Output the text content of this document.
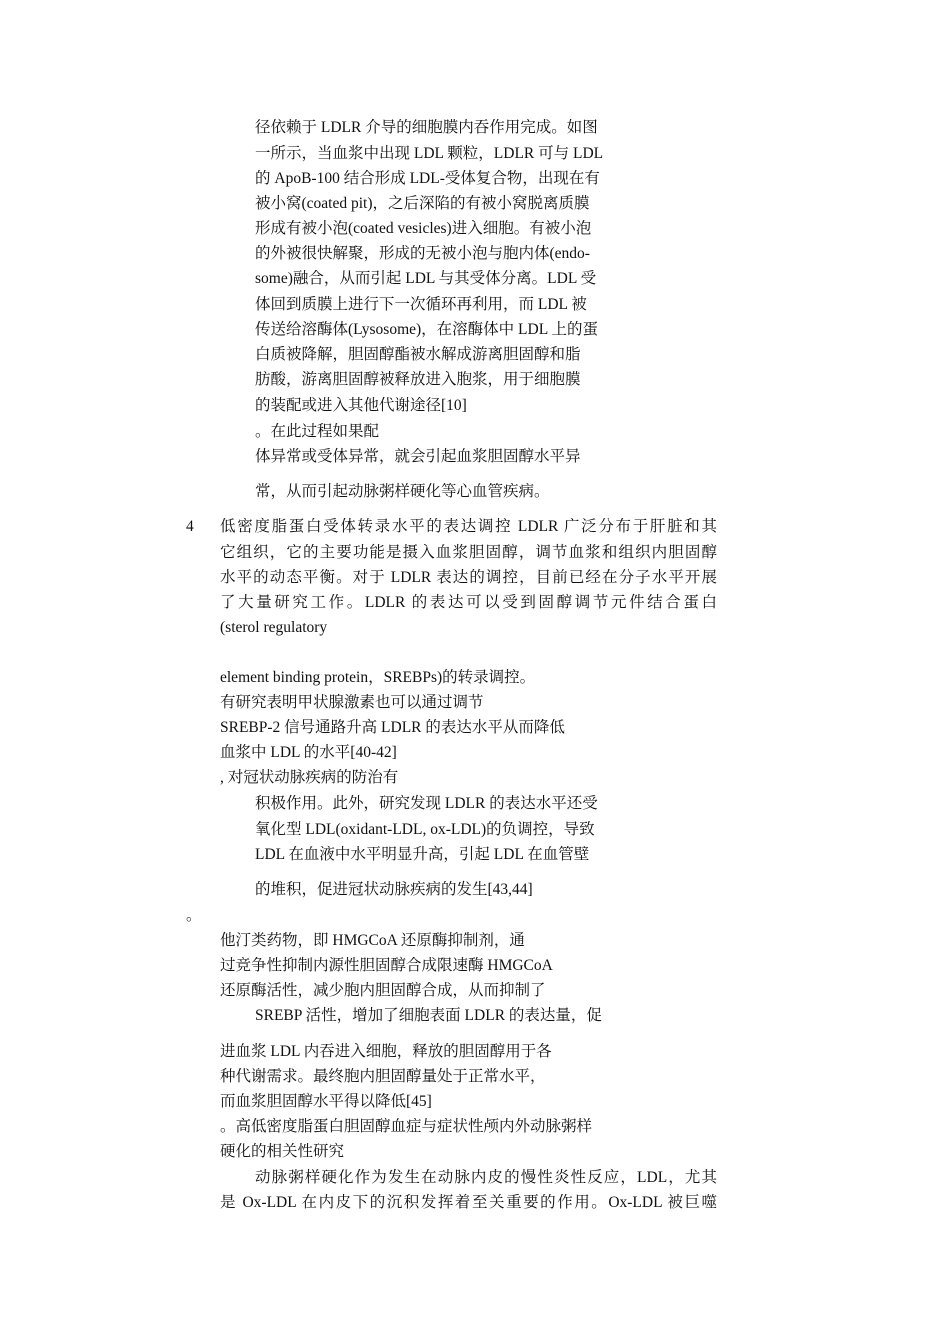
径依赖于 LDLR 介导的细胞膜内吞作用完成。如图
一所示，当血浆中出现 LDL 颗粒，LDLR 可与 LDL
的 ApoB-100 结合形成 LDL-受体复合物，出现在有
被小窝(coated pit)，之后深陷的有被小窝脱离质膜
形成有被小泡(coated vesicles)进入细胞。有被小泡
的外被很快解聚，形成的无被小泡与胞内体(endo-
some)融合，从而引起 LDL 与其受体分离。LDL 受
体回到质膜上进行下一次循环再利用，而 LDL 被
传送给溶酶体(Lysosome)，在溶酶体中 LDL 上的蛋
白质被降解，胆固醇酯被水解成游离胆固醇和脂
肪酸，游离胆固醇被释放进入胞浆，用于细胞膜
的装配或进入其他代谢途径[10]
。在此过程如果配
体异常或受体异常，就会引起血浆胆固醇水平异
常，从而引起动脉粥样硬化等心血管疾病。
4 低密度脂蛋白受体转录水平的表达调控 LDLR 广泛分布于肝脏和其
它组织，它的主要功能是摄入血浆胆固醇，调节血浆和组织内胆固醇
水平的动态平衡。对于 LDLR 表达的调控，目前已经在分子水平开展
了大量研究工作。LDLR 的表达可以受到固醇调节元件结合蛋白
(sterol regulatory
element binding protein，SREBPs)的转录调控。
有研究表明甲状腺激素也可以通过调节
SREBP-2 信号通路升高 LDLR 的表达水平从而降低
血浆中 LDL 的水平[40-42]
, 对冠状动脉疾病的防治有
积极作用。此外，研究发现 LDLR 的表达水平还受
氧化型 LDL(oxidant-LDL, ox-LDL)的负调控，导致
LDL 在血液中水平明显升高，引起 LDL 在血管壁
的堆积，促进冠状动脉疾病的发生[43,44]
。
他汀类药物，即 HMGCoA 还原酶抑制剂，通
过竞争性抑制内源性胆固醇合成限速酶 HMGCoA
还原酶活性，减少胞内胆固醇合成，从而抑制了
SREBP 活性，增加了细胞表面 LDLR 的表达量，促
进血浆 LDL 内吞进入细胞，释放的胆固醇用于各
种代谢需求。最终胞内胆固醇量处于正常水平，
而血浆胆固醇水平得以降低[45]
。高低密度脂蛋白胆固醇血症与症状性颅内外动脉粥样
硬化的相关性研究
动脉粥样硬化作为发生在动脉内皮的慢性炎性反应，LDL，尤其
是 Ox-LDL 在内皮下的沉积发挥着至关重要的作用。Ox-LDL 被巨噬
